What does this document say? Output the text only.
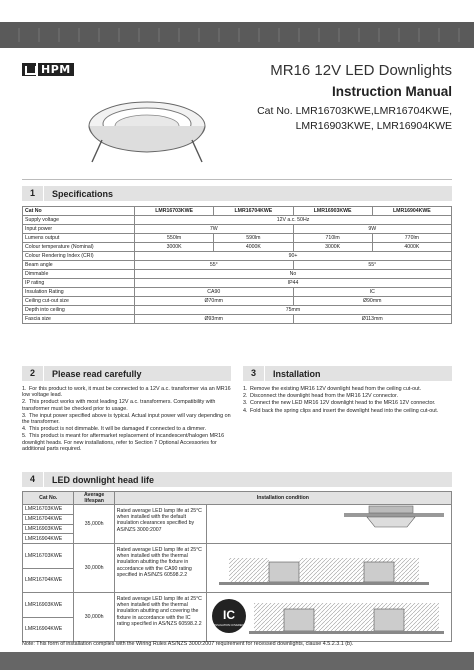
HPM	MR16 12V LED Downlights
Instruction Manual
Cat No. LMR16703KWE,LMR16704KWE,
LMR16903KWE, LMR16904KWE
1	Specifications
Cat No	LMR16703KWE	LMR16704KWE	LMR16903KWE	LMR16904KWE
Supply voltage	12V a.c. 50Hz			
Input power	7W		9W	
Lumens output	550lm	590lm	710lm	770lm
Colour temperature (Nominal)	3000K	4000K	3000K	4000K
Colour Rendering Index (CRI)	90+			
Beam angle	55°		55°	
Dimmable	No			
IP rating	IP44			
Insulation Rating	CA90		IC	
Ceiling cut-out size	Ø70mm		Ø90mm	
Depth into ceiling	75mm			
Fascia size	Ø93mm		Ø113mm	
2	Please read carefully

1. For this product to work, it must be connected to a 12V a.c. transformer via an MR16 low voltage lead.

2. This product works with most leading 12V a.c. transformers. Compatibility with transformer must be checked prior to usage.

3. The input power specified above is typical. Actual input power will vary depending on the transformer.

4. This product is not dimmable. It will be damaged if connected to a dimmer.

5. This product is meant for aftermarket replacement of incandescent/halogen MR16 downlight heads. For new installations, refer to Section 7 Optional Accessories for additional parts required.

3	Installation

1. Remove the existing MR16 12V downlight head from the ceiling cut-out.

2. Disconnect the downlight head from the MR16 12V connector.

3. Connect the new LED MR16 12V downlight head to the MR16 12V connector.

4. Fold back the spring clips and insert the downlight head into the ceiling cut-out.

4	LED downlight head life
Cat No.	Average lifespan	Installation condition	
LMR16703KWE	35,000h	Rated average LED lamp life at 25°C when installed with the default insulation clearances specified by AS/NZS 3000:2007	
LMR16704KWE			
LMR16903KWE			
LMR16904KWE			
LMR16703KWE	30,000h	Rated average LED lamp life at 25°C when installed with the thermal insulation abutting the fixture in accordance with the CA90 rating specified in AS/NZS 60598.2.2	
LMR16704KWE			
LMR16903KWE	30,000h	Rated average LED lamp life at 25°C when installed with the thermal insulation abutting and covering the fixture in accordance with the IC rating specified in AS/NZS 60598.2.2	IC
INSULATION COVERED

LMR16904KWE			
Note: This form of installation complies with the Wiring Rules AS/NZS 3000:2007 requirement for recessed downlights, clause 4.5.2.3.1 (b).
